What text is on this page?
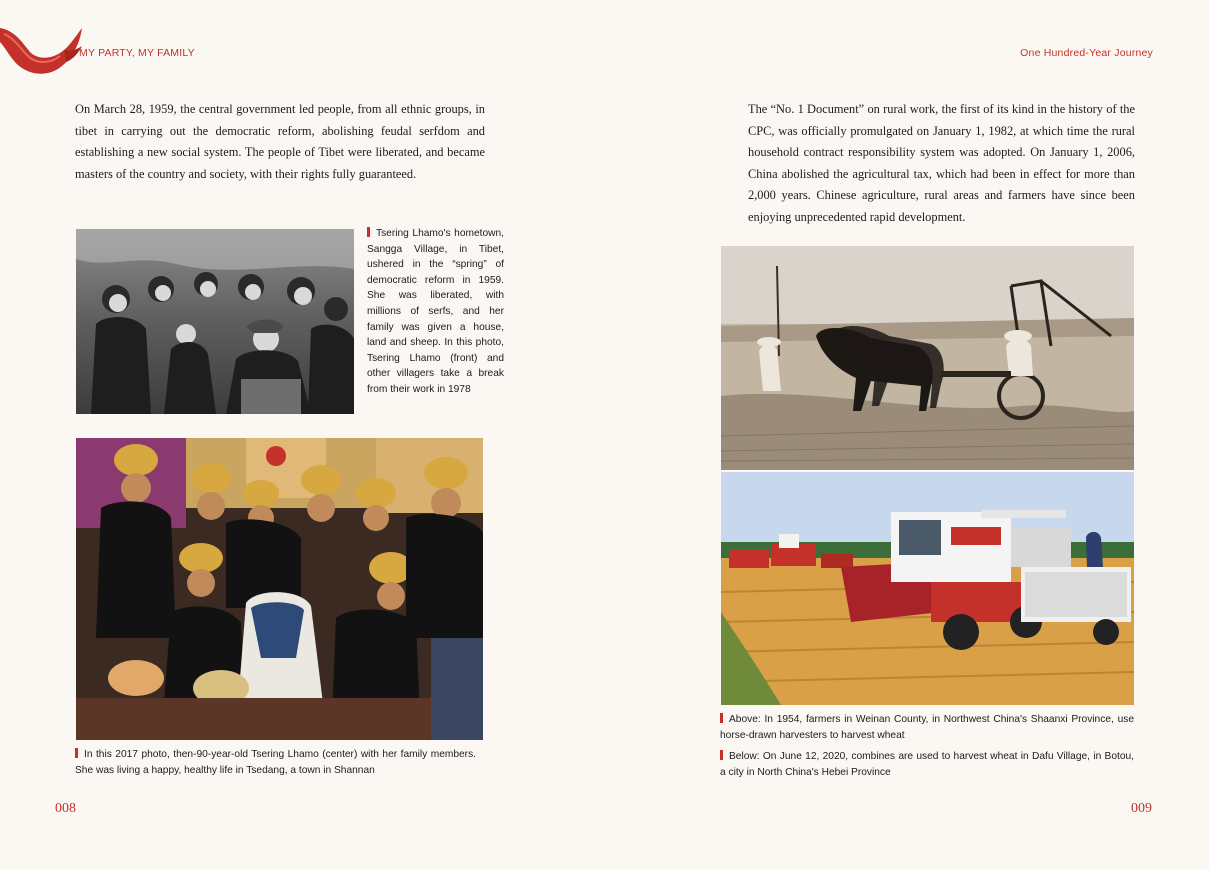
MY PARTY, MY FAMILY	One Hundred-Year Journey

On March 28, 1959, the central government led people, from all ethnic groups, in tibet in carrying out the democratic reform, abolishing feudal serfdom and establishing a new social system. The people of Tibet were liberated, and became masters of the country and society, with their rights fully guaranteed.

Tsering Lhamo's hometown, Sangga Village, in Tibet, ushered in the “spring” of democratic reform in 1959. She was liberated, with millions of serfs, and her family was given a house, land and sheep. In this photo, Tsering Lhamo (front) and other villagers take a break from their work in 1978

In this 2017 photo, then-90-year-old Tsering Lhamo (center) with her family members. She was living a happy, healthy life in Tsedang, a town in Shannan

008

The “No. 1 Document” on rural work, the first of its kind in the history of the CPC, was officially promulgated on January 1, 1982, at which time the rural household contract responsibility system was adopted. On January 1, 2006, China abolished the agricultural tax, which had been in effect for more than 2,000 years. Chinese agriculture, rural areas and farmers have since been enjoying unprecedented rapid development.

Above: In 1954, farmers in Weinan County, in Northwest China's Shaanxi Province, use horse-drawn harvesters to harvest wheat

Below: On June 12, 2020, combines are used to harvest wheat in Dafu Village, in Botou, a city in North China's Hebei Province

009
